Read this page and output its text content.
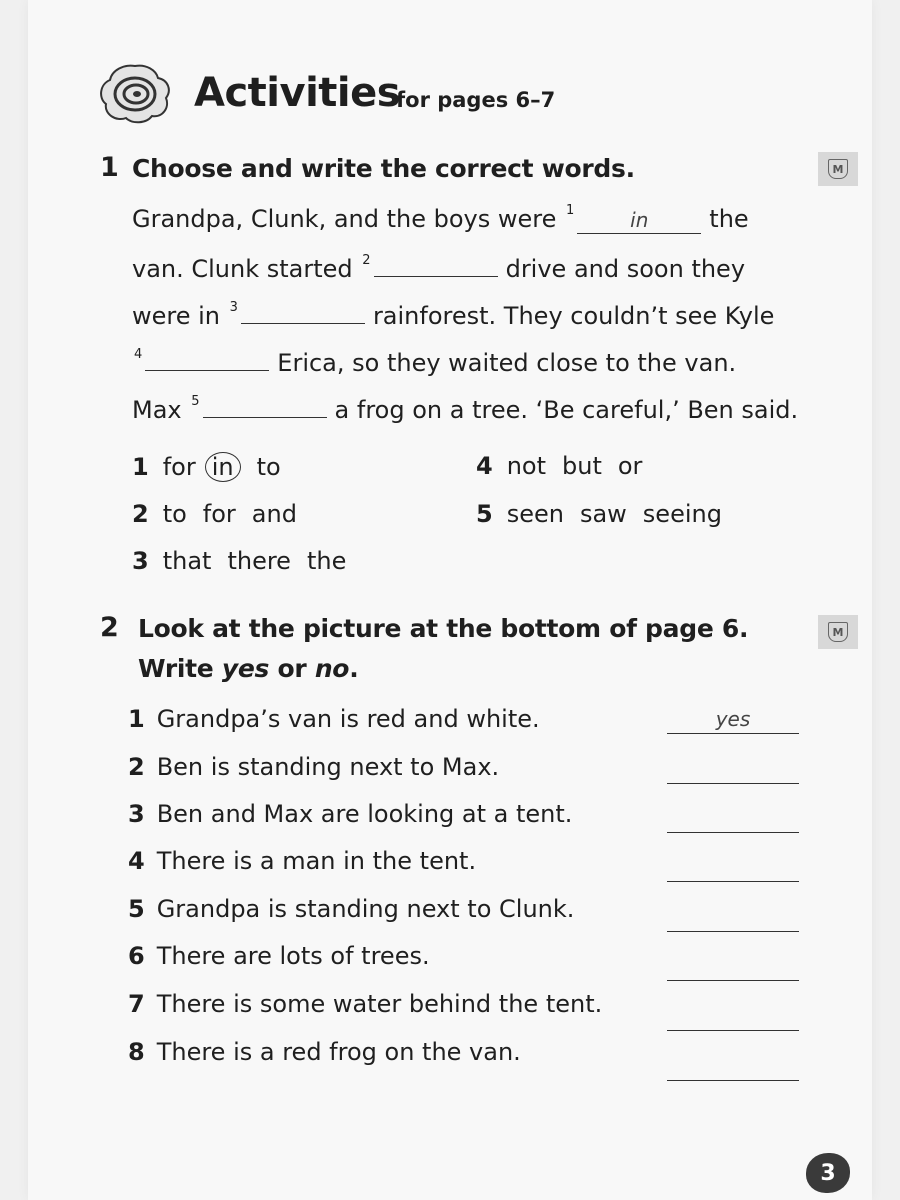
Activities
for pages 6–7
1 Choose and write the correct words.	M
Grandpa, Clunk, and the boys were $^1$	in	the
van. Clunk started $^2$	drive and soon they
were in $^3$	rainforest. They couldn’t see Kyle
$^4$	Erica, so they waited close to the van.
Max $^5$	a frog on a tree. ‘Be careful,’ Ben said.
1 for in to
2 to for and
3 that there the
4 not but or
5 seen saw seeing
2 Look at the picture at the bottom of page 6.
Write yes or no.
M
1 Grandpa’s van is red and white.	yes
2 Ben is standing next to Max.
3 Ben and Max are looking at a tent.
4 There is a man in the tent.
5 Grandpa is standing next to Clunk.
6 There are lots of trees.
7 There is some water behind the tent.
8 There is a red frog on the van.
3
